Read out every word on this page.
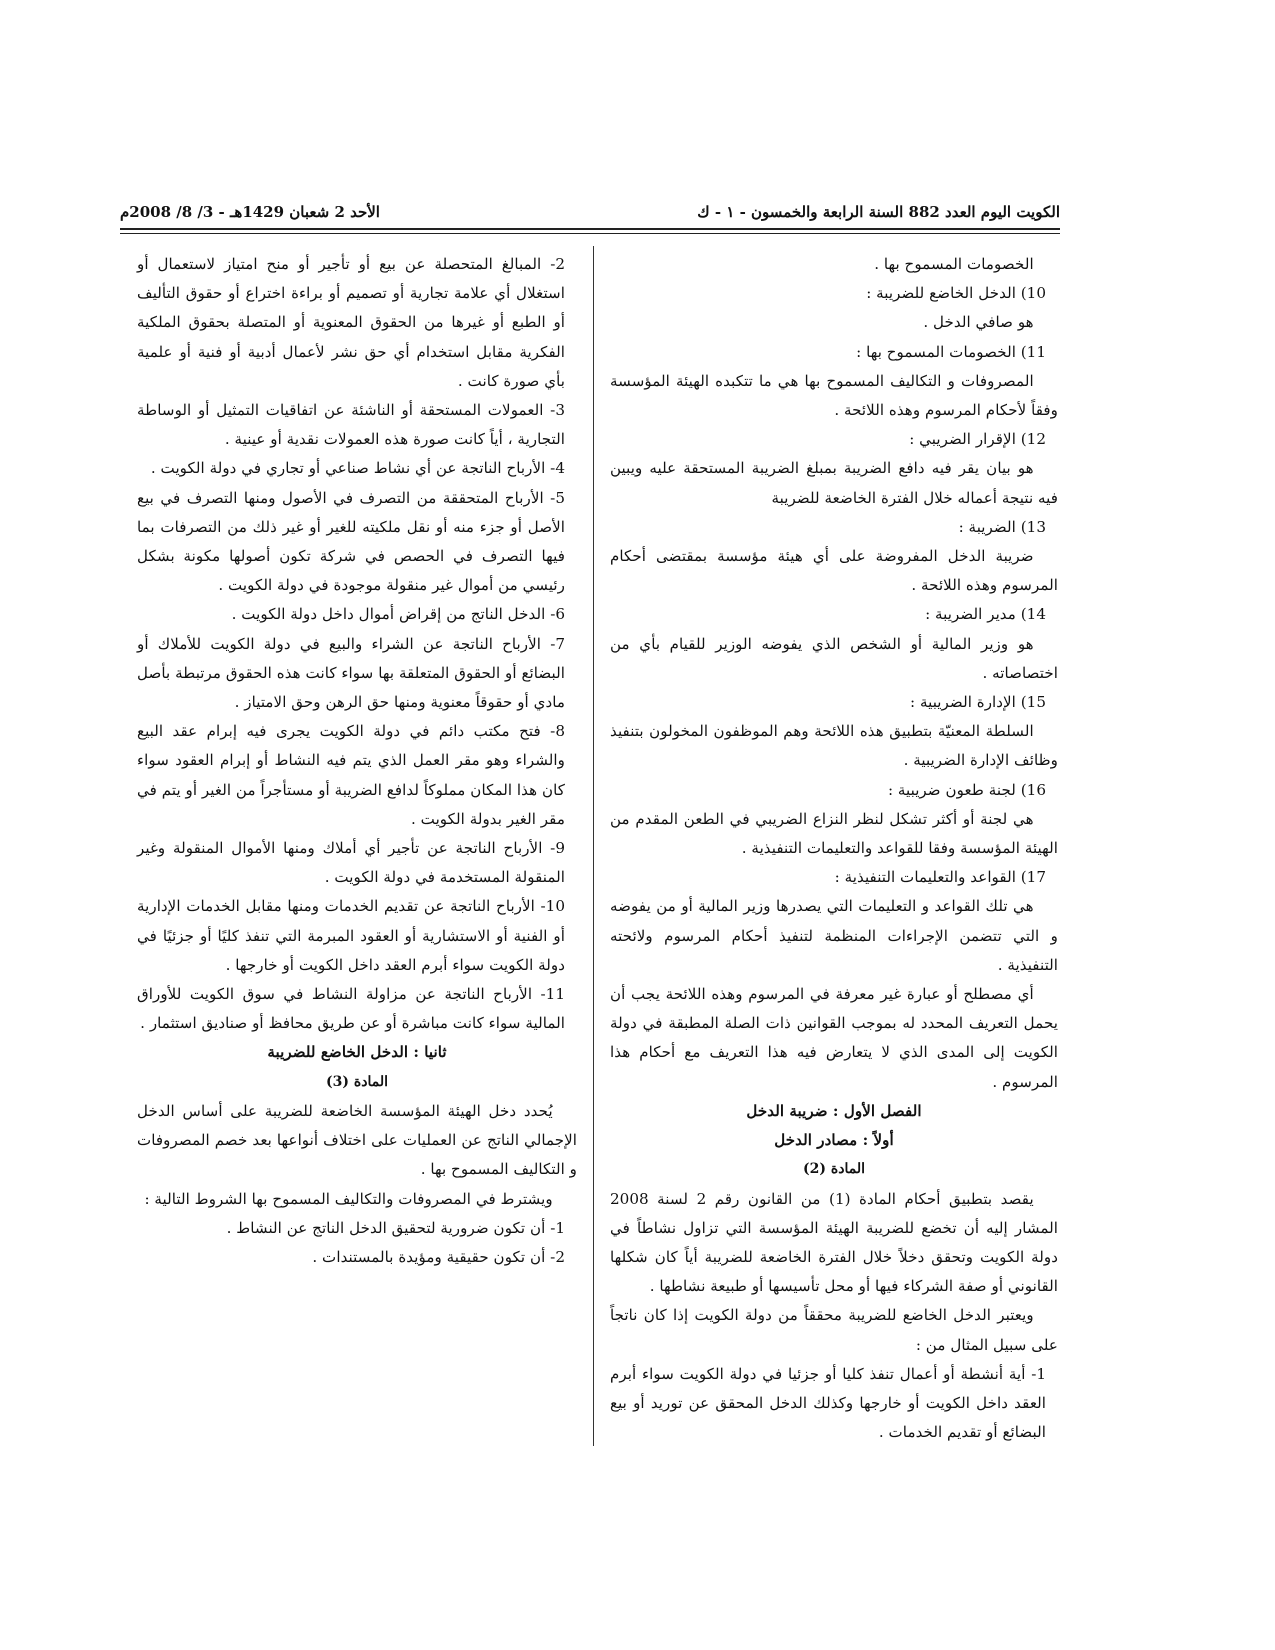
الكويت اليوم العدد 882 السنة الرابعة والخمسون - ١ - ك
الأحد 2 شعبان 1429هـ - 3/ 8/ 2008م

الخصومات المسموح بها .

10) الدخل الخاضع للضريبة :

هو صافي الدخل .

11) الخصومات المسموح بها :

المصروفات و التكاليف المسموح بها هي ما تتكبده الهيئة المؤسسة وفقاً لأحكام المرسوم وهذه اللائحة .

12) الإقرار الضريبي :

هو بيان يقر فيه دافع الضريبة بمبلغ الضريبة المستحقة عليه ويبين فيه نتيجة أعماله خلال الفترة الخاضعة للضريبة

13) الضريبة :

ضريبة الدخل المفروضة على أي هيئة مؤسسة بمقتضى أحكام المرسوم وهذه اللائحة .

14) مدير الضريبة :

هو وزير المالية أو الشخص الذي يفوضه الوزير للقيام بأي من اختصاصاته .

15) الإدارة الضريبية :

السلطة المعنيّة بتطبيق هذه اللائحة وهم الموظفون المخولون بتنفيذ وظائف الإدارة الضريبية .

16) لجنة طعون ضريبية :

هي لجنة أو أكثر تشكل لنظر النزاع الضريبي في الطعن المقدم من الهيئة المؤسسة وفقا للقواعد والتعليمات التنفيذية .

17) القواعد والتعليمات التنفيذية :

هي تلك القواعد و التعليمات التي يصدرها وزير المالية أو من يفوضه و التي تتضمن الإجراءات المنظمة لتنفيذ أحكام المرسوم ولائحته التنفيذية .

أي مصطلح أو عبارة غير معرفة في المرسوم وهذه اللائحة يجب أن يحمل التعريف المحدد له بموجب القوانين ذات الصلة المطبقة في دولة الكويت إلى المدى الذي لا يتعارض فيه هذا التعريف مع أحكام هذا المرسوم .

الفصل الأول : ضريبة الدخل

أولاً : مصادر الدخل

المادة (2)

يقصد بتطبيق أحكام المادة (1) من القانون رقم 2 لسنة 2008 المشار إليه أن تخضع للضريبة الهيئة المؤسسة التي تزاول نشاطاً في دولة الكويت وتحقق دخلاً خلال الفترة الخاضعة للضريبة أياً كان شكلها القانوني أو صفة الشركاء فيها أو محل تأسيسها أو طبيعة نشاطها .

ويعتبر الدخل الخاضع للضريبة محققاً من دولة الكويت إذا كان ناتجاً على سبيل المثال من :

1- أية أنشطة أو أعمال تنفذ كليا أو جزئيا في دولة الكويت سواء أبرم العقد داخل الكويت أو خارجها وكذلك الدخل المحقق عن توريد أو بيع البضائع أو تقديم الخدمات .

2- المبالغ المتحصلة عن بيع أو تأجير أو منح امتياز لاستعمال أو استغلال أي علامة تجارية أو تصميم أو براءة اختراع أو حقوق التأليف أو الطبع أو غيرها من الحقوق المعنوية أو المتصلة بحقوق الملكية الفكرية مقابل استخدام أي حق نشر لأعمال أدبية أو فنية أو علمية بأي صورة كانت .

3- العمولات المستحقة أو الناشئة عن اتفاقيات التمثيل أو الوساطة التجارية ، أياً كانت صورة هذه العمولات نقدية أو عينية .

4- الأرباح الناتجة عن أي نشاط صناعي أو تجاري في دولة الكويت .

5- الأرباح المتحققة من التصرف في الأصول ومنها التصرف في بيع الأصل أو جزء منه أو نقل ملكيته للغير أو غير ذلك من التصرفات بما فيها التصرف في الحصص في شركة تكون أصولها مكونة بشكل رئيسي من أموال غير منقولة موجودة في دولة الكويت .

6- الدخل الناتج من إقراض أموال داخل دولة الكويت .

7- الأرباح الناتجة عن الشراء والبيع في دولة الكويت للأملاك أو البضائع أو الحقوق المتعلقة بها سواء كانت هذه الحقوق مرتبطة بأصل مادي أو حقوقاً معنوية ومنها حق الرهن وحق الامتياز .

8- فتح مكتب دائم في دولة الكويت يجرى فيه إبرام عقد البيع والشراء وهو مقر العمل الذي يتم فيه النشاط أو إبرام العقود سواء كان هذا المكان مملوكاً لدافع الضريبة أو مستأجراً من الغير أو يتم في مقر الغير بدولة الكويت .

9- الأرباح الناتجة عن تأجير أي أملاك ومنها الأموال المنقولة وغير المنقولة المستخدمة في دولة الكويت .

10- الأرباح الناتجة عن تقديم الخدمات ومنها مقابل الخدمات الإدارية أو الفنية أو الاستشارية أو العقود المبرمة التي تنفذ كليًا أو جزئيًا في دولة الكويت سواء أبرم العقد داخل الكويت أو خارجها .

11- الأرباح الناتجة عن مزاولة النشاط في سوق الكويت للأوراق المالية سواء كانت مباشرة أو عن طريق محافظ أو صناديق استثمار .

ثانيا : الدخل الخاضع للضريبة

المادة (3)

يُحدد دخل الهيئة المؤسسة الخاضعة للضريبة على أساس الدخل الإجمالي الناتج عن العمليات على اختلاف أنواعها بعد خصم المصروفات و التكاليف المسموح بها .

ويشترط في المصروفات والتكاليف المسموح بها الشروط التالية :

1- أن تكون ضرورية لتحقيق الدخل الناتج عن النشاط .

2- أن تكون حقيقية ومؤيدة بالمستندات .
